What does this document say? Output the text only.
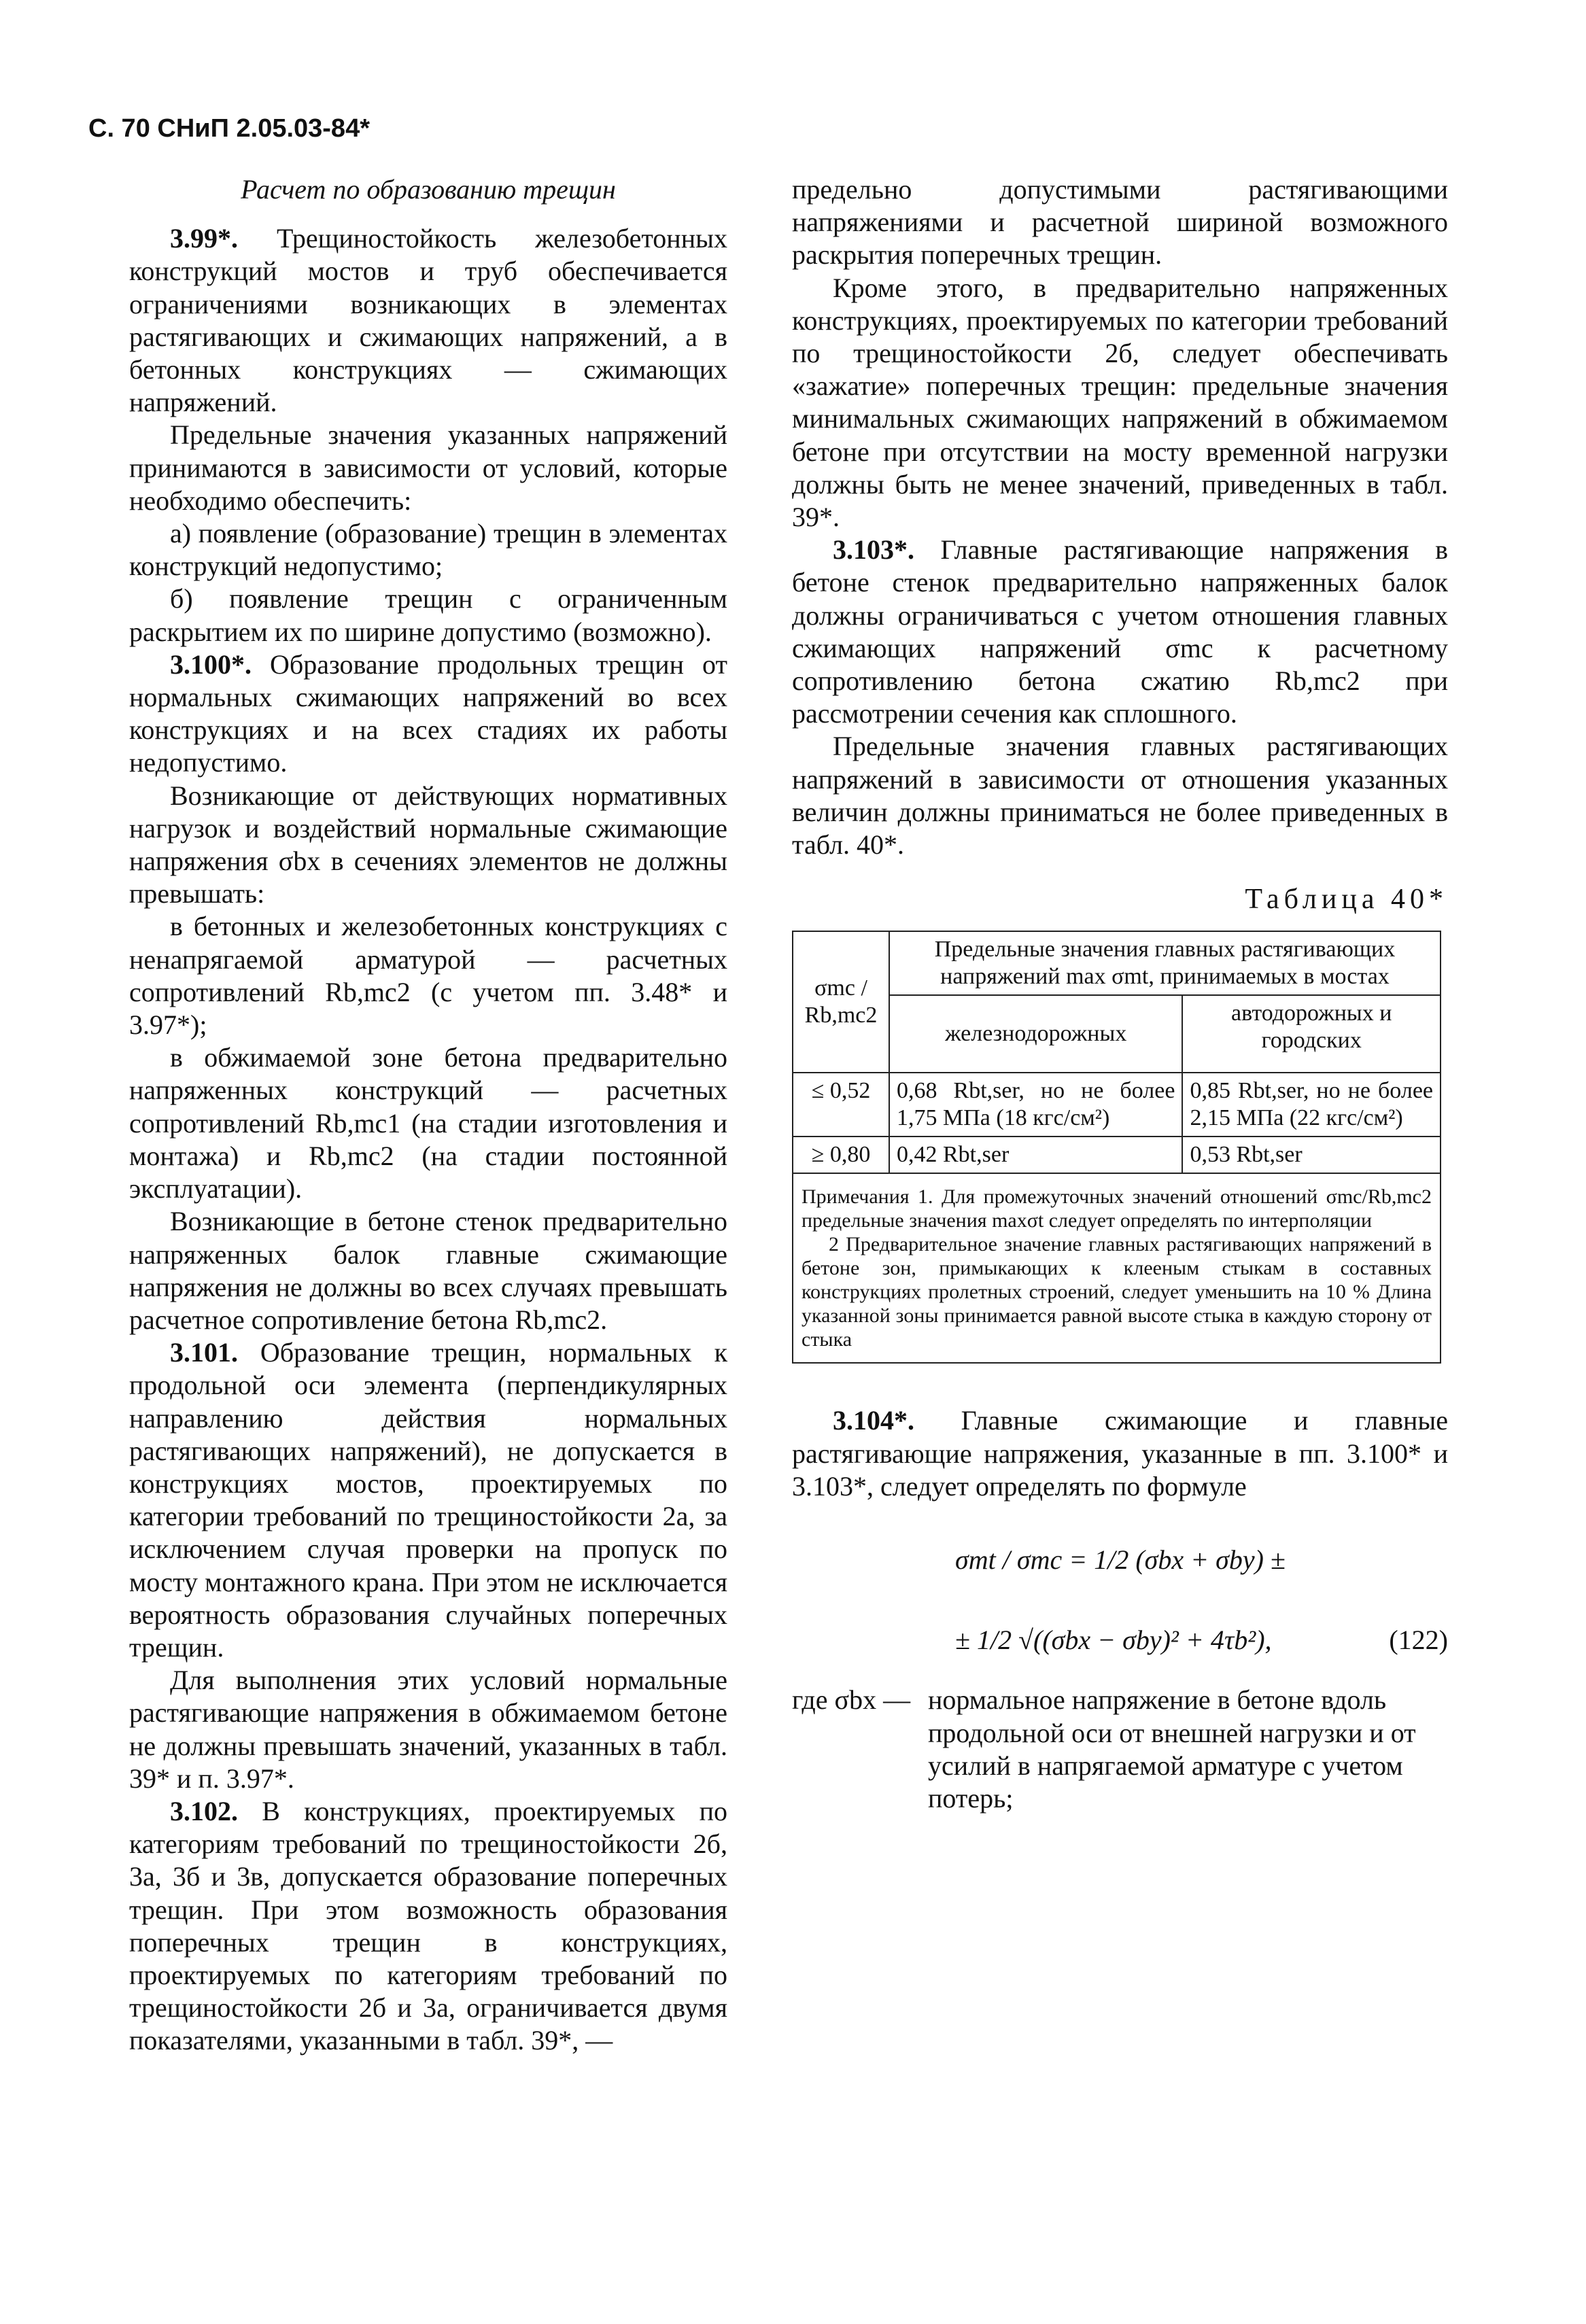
С. 70 СНиП 2.05.03-84*

Расчет по образованию трещин

3.99*. Трещиностойкость железобетонных конструкций мостов и труб обеспечивается ограничениями возникающих в элементах растягивающих и сжимающих напряжений, а в бетонных конструкциях — сжимающих напряжений.

Предельные значения указанных напряжений принимаются в зависимости от условий, которые необходимо обеспечить:

а) появление (образование) трещин в элементах конструкций недопустимо;

б) появление трещин с ограниченным раскрытием их по ширине допустимо (возможно).

3.100*. Образование продольных трещин от нормальных сжимающих напряжений во всех конструкциях и на всех стадиях их работы недопустимо.

Возникающие от действующих нормативных нагрузок и воздействий нормальные сжимающие напряжения σbx в сечениях элементов не должны превышать:

в бетонных и железобетонных конструкциях с ненапрягаемой арматурой — расчетных сопротивлений Rb,mc2 (с учетом пп. 3.48* и 3.97*);

в обжимаемой зоне бетона предварительно напряженных конструкций — расчетных сопротивлений Rb,mc1 (на стадии изготовления и монтажа) и Rb,mc2 (на стадии постоянной эксплуатации).

Возникающие в бетоне стенок предварительно напряженных балок главные сжимающие напряжения не должны во всех случаях превышать расчетное сопротивление бетона Rb,mc2.

3.101. Образование трещин, нормальных к продольной оси элемента (перпендикулярных направлению действия нормальных растягивающих напряжений), не допускается в конструкциях мостов, проектируемых по категории требований по трещиностойкости 2а, за исключением случая проверки на пропуск по мосту монтажного крана. При этом не исключается вероятность образования случайных поперечных трещин.

Для выполнения этих условий нормальные растягивающие напряжения в обжимаемом бетоне не должны превышать значений, указанных в табл. 39* и п. 3.97*.

3.102. В конструкциях, проектируемых по категориям требований по трещиностойкости 2б, 3а, 3б и 3в, допускается образование поперечных трещин. При этом возможность образования поперечных трещин в конструкциях, проектируемых по категориям требований по трещиностойкости 2б и 3а, ограничивается двумя показателями, указанными в табл. 39*, —

предельно допустимыми растягивающими напряжениями и расчетной шириной возможного раскрытия поперечных трещин.

Кроме этого, в предварительно напряженных конструкциях, проектируемых по категории требований по трещиностойкости 2б, следует обеспечивать «зажатие» поперечных трещин: предельные значения минимальных сжимающих напряжений в обжимаемом бетоне при отсутствии на мосту временной нагрузки должны быть не менее значений, приведенных в табл. 39*.

3.103*. Главные растягивающие напряжения в бетоне стенок предварительно напряженных балок должны ограничиваться с учетом отношения главных сжимающих напряжений σmc к расчетному сопротивлению бетона сжатию Rb,mc2 при рассмотрении сечения как сплошного.

Предельные значения главных растягивающих напряжений в зависимости от отношения указанных величин должны приниматься не более приведенных в табл. 40*.

Таблица 40*
σmc / Rb,mc2	Предельные значения главных растягивающих напряжений max σmt, принимаемых в мостах	
	железнодорожных	автодорожных и городских
≤ 0,52	0,68 Rbt,ser, но не более 1,75 МПа (18 кгс/см²)	0,85 Rbt,ser, но не более 2,15 МПа (22 кгс/см²)
≥ 0,80	0,42 Rbt,ser	0,53 Rbt,ser

Примечания 1. Для промежуточных значений отношений σmc/Rb,mc2 предельные значения maxσt следует определять по интерполяции
2 Предварительное значение главных растягивающих напряжений в бетоне зон, примыкающих к клееным стыкам в составных конструкциях пролетных строений, следует уменьшить на 10 % Длина указанной зоны принимается равной высоте стыка в каждую сторону от стыка		

3.104*. Главные сжимающие и главные растягивающие напряжения, указанные в пп. 3.100* и 3.103*, следует определять по формуле

σmt / σmc = 1/2 (σbx + σby) ±
± 1/2 √((σbx − σby)² + 4τb²),	(122)
где σbx — нормальное напряжение в бетоне вдоль продольной оси от внешней нагрузки и от усилий в напрягаемой арматуре с учетом потерь;
